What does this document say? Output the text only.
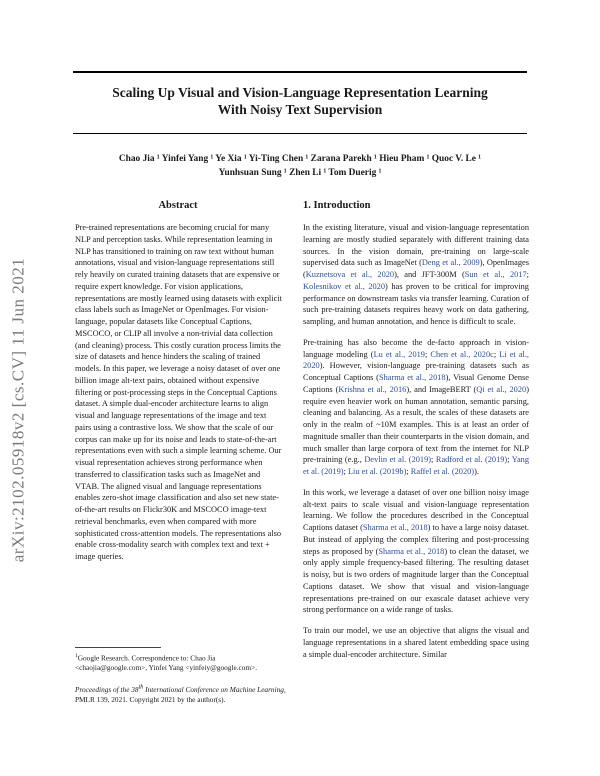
Scaling Up Visual and Vision-Language Representation Learning
With Noisy Text Supervision
Chao Jia ¹ Yinfei Yang ¹ Ye Xia ¹ Yi-Ting Chen ¹ Zarana Parekh ¹ Hieu Pham ¹ Quoc V. Le ¹
Yunhsuan Sung ¹ Zhen Li ¹ Tom Duerig ¹
arXiv:2102.05918v2 [cs.CV] 11 Jun 2021
Abstract

Pre-trained representations are becoming crucial for many NLP and perception tasks. While representation learning in NLP has transitioned to training on raw text without human annotations, visual and vision-language representations still rely heavily on curated training datasets that are expensive or require expert knowledge. For vision applications, representations are mostly learned using datasets with explicit class labels such as ImageNet or OpenImages. For vision-language, popular datasets like Conceptual Captions, MSCOCO, or CLIP all involve a non-trivial data collection (and cleaning) process. This costly curation process limits the size of datasets and hence hinders the scaling of trained models. In this paper, we leverage a noisy dataset of over one billion image alt-text pairs, obtained without expensive filtering or post-processing steps in the Conceptual Captions dataset. A simple dual-encoder architecture learns to align visual and language representations of the image and text pairs using a contrastive loss. We show that the scale of our corpus can make up for its noise and leads to state-of-the-art representations even with such a simple learning scheme. Our visual representation achieves strong performance when transferred to classification tasks such as ImageNet and VTAB. The aligned visual and language representations enables zero-shot image classification and also set new state-of-the-art results on Flickr30K and MSCOCO image-text retrieval benchmarks, even when compared with more sophisticated cross-attention models. The representations also enable cross-modality search with complex text and text + image queries.

1. Introduction

In the existing literature, visual and vision-language representation learning are mostly studied separately with different training data sources. In the vision domain, pre-training on large-scale supervised data such as ImageNet (Deng et al., 2009), OpenImages (Kuznetsova et al., 2020), and JFT-300M (Sun et al., 2017; Kolesnikov et al., 2020) has proven to be critical for improving performance on downstream tasks via transfer learning. Curation of such pre-training datasets requires heavy work on data gathering, sampling, and human annotation, and hence is difficult to scale.

Pre-training has also become the de-facto approach in vision-language modeling (Lu et al., 2019; Chen et al., 2020c; Li et al., 2020). However, vision-language pre-training datasets such as Conceptual Captions (Sharma et al., 2018), Visual Genome Dense Captions (Krishna et al., 2016), and ImageBERT (Qi et al., 2020) require even heavier work on human annotation, semantic parsing, cleaning and balancing. As a result, the scales of these datasets are only in the realm of ~10M examples. This is at least an order of magnitude smaller than their counterparts in the vision domain, and much smaller than large corpora of text from the internet for NLP pre-training (e.g., Devlin et al. (2019); Radford et al. (2019); Yang et al. (2019); Liu et al. (2019b); Raffel et al. (2020)).

In this work, we leverage a dataset of over one billion noisy image alt-text pairs to scale visual and vision-language representation learning. We follow the procedures described in the Conceptual Captions dataset (Sharma et al., 2018) to have a large noisy dataset. But instead of applying the complex filtering and post-processing steps as proposed by (Sharma et al., 2018) to clean the dataset, we only apply simple frequency-based filtering. The resulting dataset is noisy, but is two orders of magnitude larger than the Conceptual Captions dataset. We show that visual and vision-language representations pre-trained on our exascale dataset achieve very strong performance on a wide range of tasks.

To train our model, we use an objective that aligns the visual and language representations in a shared latent embedding space using a simple dual-encoder architecture. Similar

$^1$Google Research. Correspondence to: Chao Jia <chaojia@google.com>, Yinfei Yang <yinfeiy@google.com>.

Proceedings of the 38th International Conference on Machine Learning, PMLR 139, 2021. Copyright 2021 by the author(s).
